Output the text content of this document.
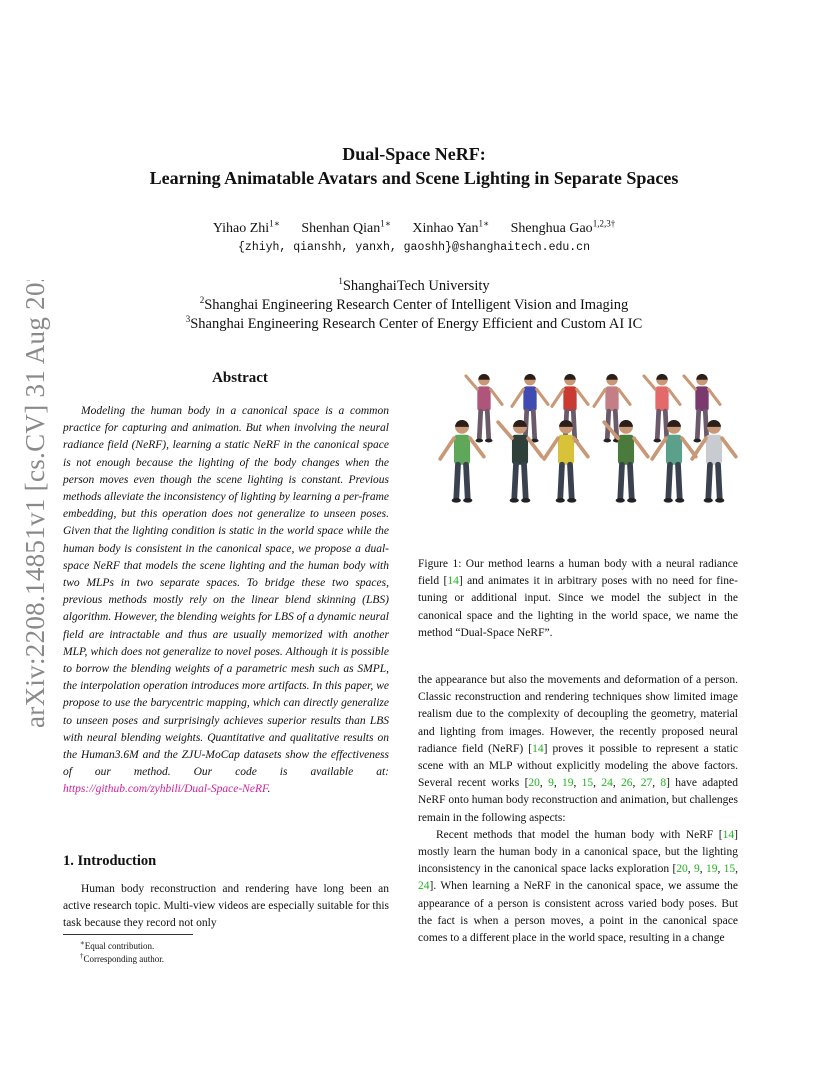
arXiv:2208.14851v1 [cs.CV] 31 Aug 2022
Dual-Space NeRF:
Learning Animatable Avatars and Scene Lighting in Separate Spaces
Yihao Zhi$^{1∗}$ Shenhan Qian$^{1∗}$ Xinhao Yan$^{1∗}$ Shenghua Gao$^{1,2,3\dagger}$
{zhiyh, qianshh, yanxh, gaoshh}@shanghaitech.edu.cn
$^1$ShanghaiTech University
$^2$Shanghai Engineering Research Center of Intelligent Vision and Imaging
$^3$Shanghai Engineering Research Center of Energy Efficient and Custom AI IC
Abstract
Modeling the human body in a canonical space is a common practice for capturing and animation. But when involving the neural radiance field (NeRF), learning a static NeRF in the canonical space is not enough because the lighting of the body changes when the person moves even though the scene lighting is constant. Previous methods alleviate the inconsistency of lighting by learning a per-frame embedding, but this operation does not generalize to unseen poses. Given that the lighting condition is static in the world space while the human body is consistent in the canonical space, we propose a dual-space NeRF that models the scene lighting and the human body with two MLPs in two separate spaces. To bridge these two spaces, previous methods mostly rely on the linear blend skinning (LBS) algorithm. However, the blending weights for LBS of a dynamic neural field are intractable and thus are usually memorized with another MLP, which does not generalize to novel poses. Although it is possible to borrow the blending weights of a parametric mesh such as SMPL, the interpolation operation introduces more artifacts. In this paper, we propose to use the barycentric mapping, which can directly generalize to unseen poses and surprisingly achieves superior results than LBS with neural blending weights. Quantitative and qualitative results on the Human3.6M and the ZJU-MoCap datasets show the effectiveness of our method. Our code is available at: https://github.com/zyhbili/Dual-Space-NeRF.
1. Introduction
Human body reconstruction and rendering have long been an active research topic. Multi-view videos are especially suitable for this task because they record not only
∗Equal contribution.
†Corresponding author.
Figure 1: Our method learns a human body with a neural radiance field [14] and animates it in arbitrary poses with no need for fine-tuning or additional input. Since we model the subject in the canonical space and the lighting in the world space, we name the method “Dual-Space NeRF”.

the appearance but also the movements and deformation of a person. Classic reconstruction and rendering techniques show limited image realism due to the complexity of decoupling the geometry, material and lighting from images. However, the recently proposed neural radiance field (NeRF) [14] proves it possible to represent a static scene with an MLP without explicitly modeling the above factors. Several recent works [20, 9, 19, 15, 24, 26, 27, 8] have adapted NeRF onto human body reconstruction and animation, but challenges remain in the following aspects:

Recent methods that model the human body with NeRF [14] mostly learn the human body in a canonical space, but the lighting inconsistency in the canonical space lacks exploration [20, 9, 19, 15, 24]. When learning a NeRF in the canonical space, we assume the appearance of a person is consistent across varied body poses. But the fact is when a person moves, a point in the canonical space comes to a different place in the world space, resulting in a change
